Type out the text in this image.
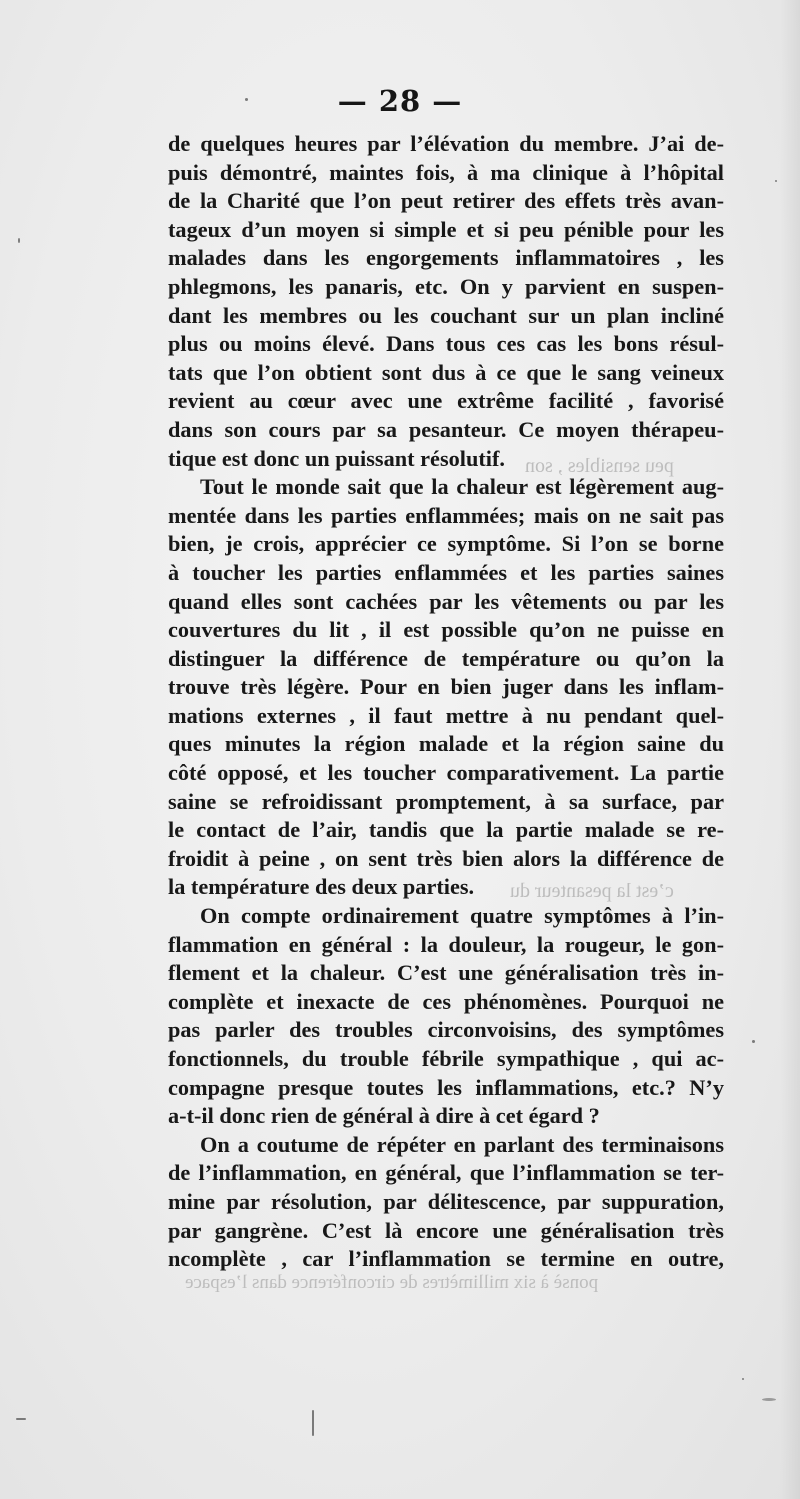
peu sensibles , son
c’est la pesanteur du
ponsè à six millimètres de circonférence dans l’espace
— 28 —
de quelques heures par l’élévation du membre. J’ai de-
puis démontré, maintes fois, à ma clinique à l’hôpital
de la Charité que l’on peut retirer des effets très avan-
tageux d’un moyen si simple et si peu pénible pour les
malades dans les engorgements inflammatoires , les
phlegmons, les panaris, etc. On y parvient en suspen-
dant les membres ou les couchant sur un plan incliné
plus ou moins élevé. Dans tous ces cas les bons résul-
tats que l’on obtient sont dus à ce que le sang veineux
revient au cœur avec une extrême facilité , favorisé
dans son cours par sa pesanteur. Ce moyen thérapeu-
tique est donc un puissant résolutif.
Tout le monde sait que la chaleur est légèrement aug-
mentée dans les parties enflammées; mais on ne sait pas
bien, je crois, apprécier ce symptôme. Si l’on se borne
à toucher les parties enflammées et les parties saines
quand elles sont cachées par les vêtements ou par les
couvertures du lit , il est possible qu’on ne puisse en
distinguer la différence de température ou qu’on la
trouve très légère. Pour en bien juger dans les inflam-
mations externes , il faut mettre à nu pendant quel-
ques minutes la région malade et la région saine du
côté opposé, et les toucher comparativement. La partie
saine se refroidissant promptement, à sa surface, par
le contact de l’air, tandis que la partie malade se re-
froidit à peine , on sent très bien alors la différence de
la température des deux parties.
On compte ordinairement quatre symptômes à l’in-
flammation en général : la douleur, la rougeur, le gon-
flement et la chaleur. C’est une généralisation très in-
complète et inexacte de ces phénomènes. Pourquoi ne
pas parler des troubles circonvoisins, des symptômes
fonctionnels, du trouble fébrile sympathique , qui ac-
compagne presque toutes les inflammations, etc.? N’y
a-t-il donc rien de général à dire à cet égard ?
On a coutume de répéter en parlant des terminaisons
de l’inflammation, en général, que l’inflammation se ter-
mine par résolution, par délitescence, par suppuration,
par gangrène. C’est là encore une généralisation très
ncomplète , car l’inflammation se termine en outre,
